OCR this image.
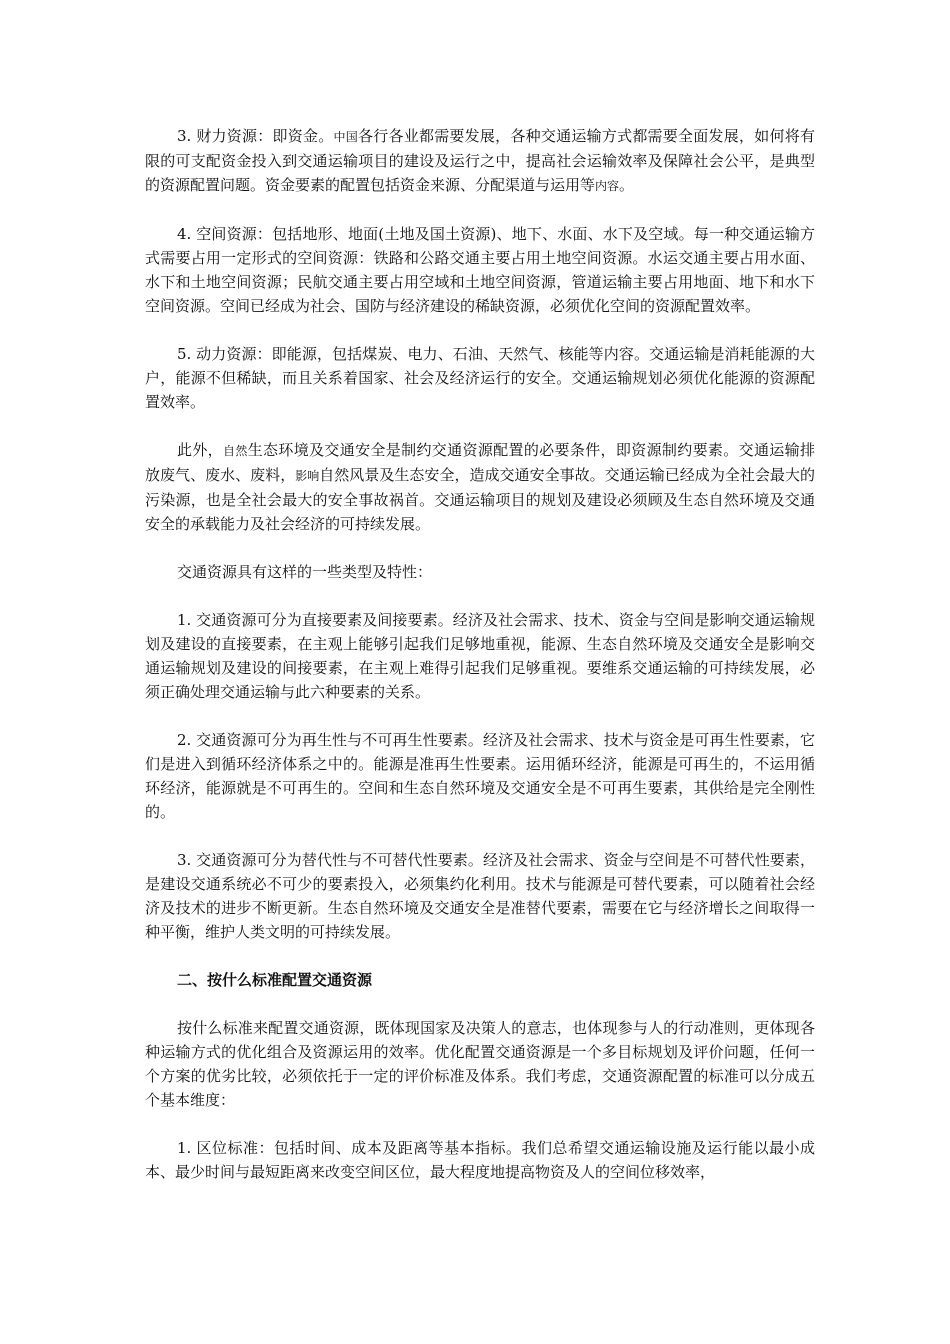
3. 财力资源：即资金。中国各行各业都需要发展，各种交通运输方式都需要全面发展，如何将有限的可支配资金投入到交通运输项目的建设及运行之中，提高社会运输效率及保障社会公平，是典型的资源配置问题。资金要素的配置包括资金来源、分配渠道与运用等内容。

4. 空间资源：包括地形、地面(土地及国土资源)、地下、水面、水下及空域。每一种交通运输方式需要占用一定形式的空间资源：铁路和公路交通主要占用土地空间资源。水运交通主要占用水面、水下和土地空间资源；民航交通主要占用空域和土地空间资源，管道运输主要占用地面、地下和水下空间资源。空间已经成为社会、国防与经济建设的稀缺资源，必须优化空间的资源配置效率。

5. 动力资源：即能源，包括煤炭、电力、石油、天然气、核能等内容。交通运输是消耗能源的大户，能源不但稀缺，而且关系着国家、社会及经济运行的安全。交通运输规划必须优化能源的资源配置效率。

此外，自然生态环境及交通安全是制约交通资源配置的必要条件，即资源制约要素。交通运输排放废气、废水、废料，影响自然风景及生态安全，造成交通安全事故。交通运输已经成为全社会最大的污染源，也是全社会最大的安全事故祸首。交通运输项目的规划及建设必须顾及生态自然环境及交通安全的承载能力及社会经济的可持续发展。

交通资源具有这样的一些类型及特性：

1. 交通资源可分为直接要素及间接要素。经济及社会需求、技术、资金与空间是影响交通运输规划及建设的直接要素，在主观上能够引起我们足够地重视，能源、生态自然环境及交通安全是影响交通运输规划及建设的间接要素，在主观上难得引起我们足够重视。要维系交通运输的可持续发展，必须正确处理交通运输与此六种要素的关系。

2. 交通资源可分为再生性与不可再生性要素。经济及社会需求、技术与资金是可再生性要素，它们是进入到循环经济体系之中的。能源是准再生性要素。运用循环经济，能源是可再生的，不运用循环经济，能源就是不可再生的。空间和生态自然环境及交通安全是不可再生要素，其供给是完全刚性的。

3. 交通资源可分为替代性与不可替代性要素。经济及社会需求、资金与空间是不可替代性要素，是建设交通系统必不可少的要素投入，必须集约化利用。技术与能源是可替代要素，可以随着社会经济及技术的进步不断更新。生态自然环境及交通安全是准替代要素，需要在它与经济增长之间取得一种平衡，维护人类文明的可持续发展。

二、按什么标准配置交通资源

按什么标准来配置交通资源，既体现国家及决策人的意志，也体现参与人的行动准则，更体现各种运输方式的优化组合及资源运用的效率。优化配置交通资源是一个多目标规划及评价问题，任何一个方案的优劣比较，必须依托于一定的评价标准及体系。我们考虑，交通资源配置的标准可以分成五个基本维度：

1. 区位标准：包括时间、成本及距离等基本指标。我们总希望交通运输设施及运行能以最小成本、最少时间与最短距离来改变空间区位，最大程度地提高物资及人的空间位移效率，
